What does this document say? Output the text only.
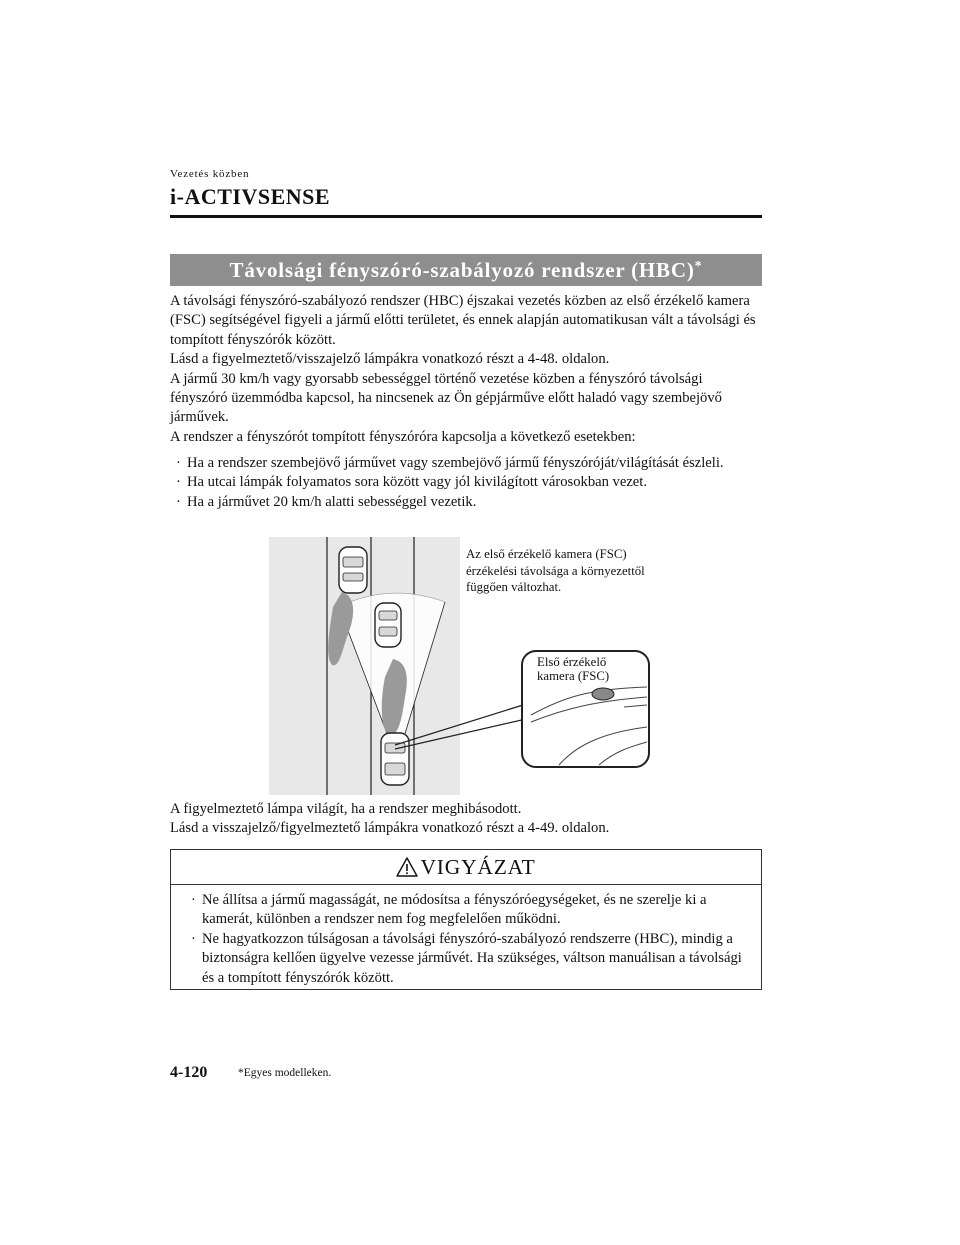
Vezetés közben
i-ACTIVSENSE
Távolsági fényszóró-szabályozó rendszer (HBC)*

A távolsági fényszóró-szabályozó rendszer (HBC) éjszakai vezetés közben az első érzékelő kamera (FSC) segítségével figyeli a jármű előtti területet, és ennek alapján automatikusan vált a távolsági és tompított fényszórók között.

Lásd a figyelmeztető/visszajelző lámpákra vonatkozó részt a 4-48. oldalon.

A jármű 30 km/h vagy gyorsabb sebességgel történő vezetése közben a fényszóró távolsági fényszóró üzemmódba kapcsol, ha nincsenek az Ön gépjárműve előtt haladó vagy szembejövő járművek.

A rendszer a fényszórót tompított fényszóróra kapcsolja a következő esetekben:

· Ha a rendszer szembejövő járművet vagy szembejövő jármű fényszóróját/világítását észleli.
· Ha utcai lámpák folyamatos sora között vagy jól kivilágított városokban vezet.
· Ha a járművet 20 km/h alatti sebességgel vezetik.
Az első érzékelő kamera (FSC) érzékelési távolsága a környezettől függően változhat.
Első érzékelő
kamera (FSC)

A figyelmeztető lámpa világít, ha a rendszer meghibásodott.

Lásd a visszajelző/figyelmeztető lámpákra vonatkozó részt a 4-49. oldalon.

VIGYÁZAT
· Ne állítsa a jármű magasságát, ne módosítsa a fényszóróegységeket, és ne szerelje ki a kamerát, különben a rendszer nem fog megfelelően működni.
· Ne hagyatkozzon túlságosan a távolsági fényszóró-szabályozó rendszerre (HBC), mindig a biztonságra kellően ügyelve vezesse járművét. Ha szükséges, váltson manuálisan a távolsági és a tompított fényszórók között.
4-120	*Egyes modelleken.
